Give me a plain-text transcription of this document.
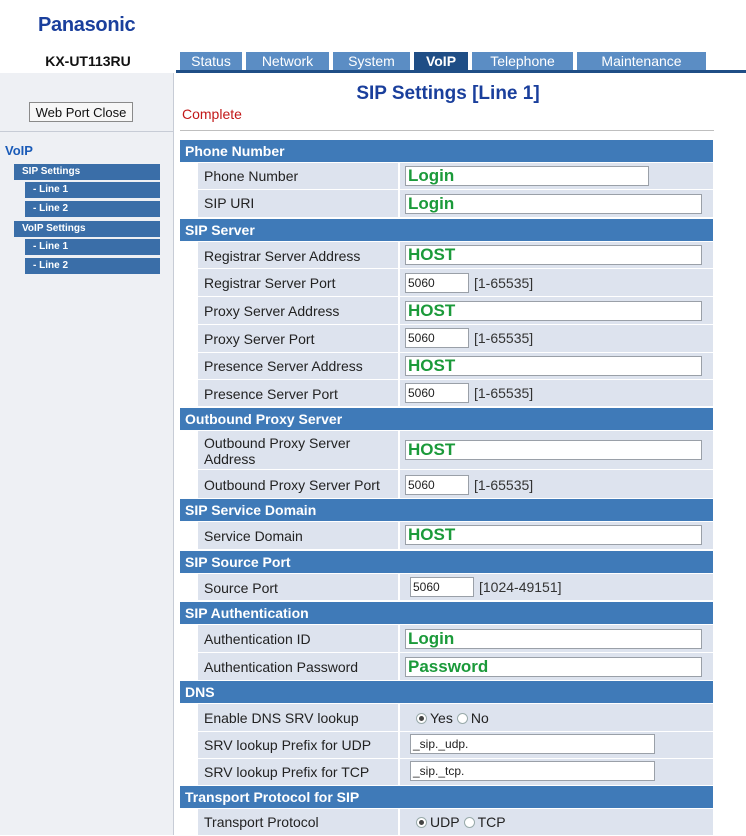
Panasonic
KX-UT113RU	Status	Network	System	VoIP	Telephone	Maintenance
Web Port Close
VoIP
SIP Settings
- Line 1
- Line 2
VoIP Settings
- Line 1
- Line 2
SIP Settings [Line 1]
Complete
Phone Number
Phone Number	Login
SIP URI	Login
SIP Server
Registrar Server Address	HOST
Registrar Server Port	5060	[1-65535]
Proxy Server Address	HOST
Proxy Server Port	5060	[1-65535]
Presence Server Address	HOST
Presence Server Port	5060	[1-65535]
Outbound Proxy Server
Outbound Proxy Server
Address	HOST
Outbound Proxy Server Port 5060	[1-65535]
SIP Service Domain
Service Domain	HOST
SIP Source Port
Source Port	5060	[1024-49151]
SIP Authentication
Authentication ID	Login
Authentication Password	Password
DNS
Enable DNS SRV lookup	Yes No
SRV lookup Prefix for UDP	_sip._udp.
SRV lookup Prefix for TCP	_sip._tcp.
Transport Protocol for SIP
Transport Protocol	UDP TCP
